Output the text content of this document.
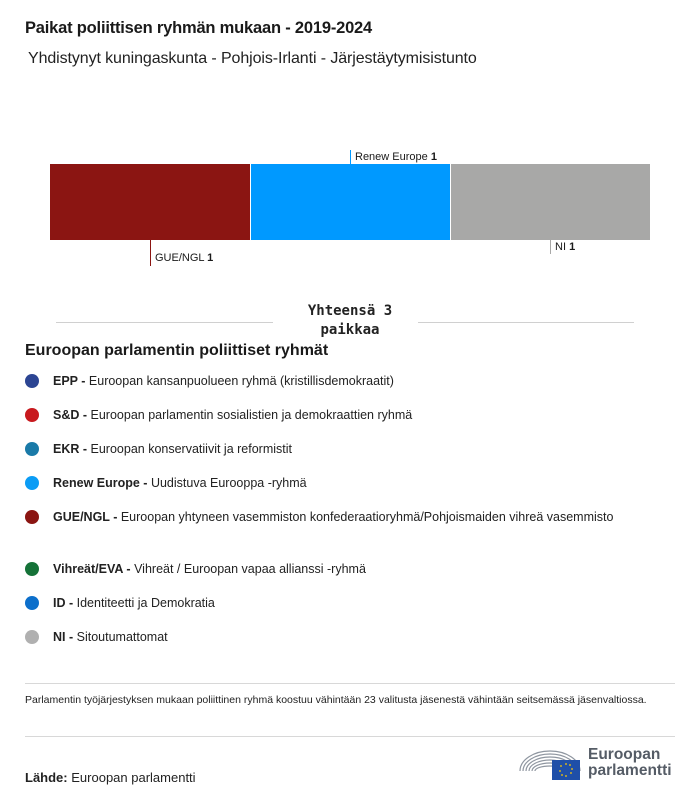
Paikat poliittisen ryhmän mukaan - 2019-2024
Yhdistynyt kuningaskunta - Pohjois-Irlanti - Järjestäytymisistunto
Renew Europe 1
GUE/NGL 1
NI 1
Yhteensä 3
paikkaa
Euroopan parlamentin poliittiset ryhmät
EPP - Euroopan kansanpuolueen ryhmä (kristillisdemokraatit)
S&D - Euroopan parlamentin sosialistien ja demokraattien ryhmä
EKR - Euroopan konservatiivit ja reformistit
Renew Europe - Uudistuva Eurooppa -ryhmä
GUE/NGL - Euroopan yhtyneen vasemmiston konfederaatioryhmä/Pohjoismaiden vihreä vasemmisto
Vihreät/EVA - Vihreät / Euroopan vapaa allianssi -ryhmä
ID - Identiteetti ja Demokratia
NI - Sitoutumattomat
Parlamentin työjärjestyksen mukaan poliittinen ryhmä koostuu vähintään 23 valitusta jäsenestä vähintään seitsemässä jäsenvaltiossa.
Lähde: Euroopan parlamentti
Euroopan
parlamentti
